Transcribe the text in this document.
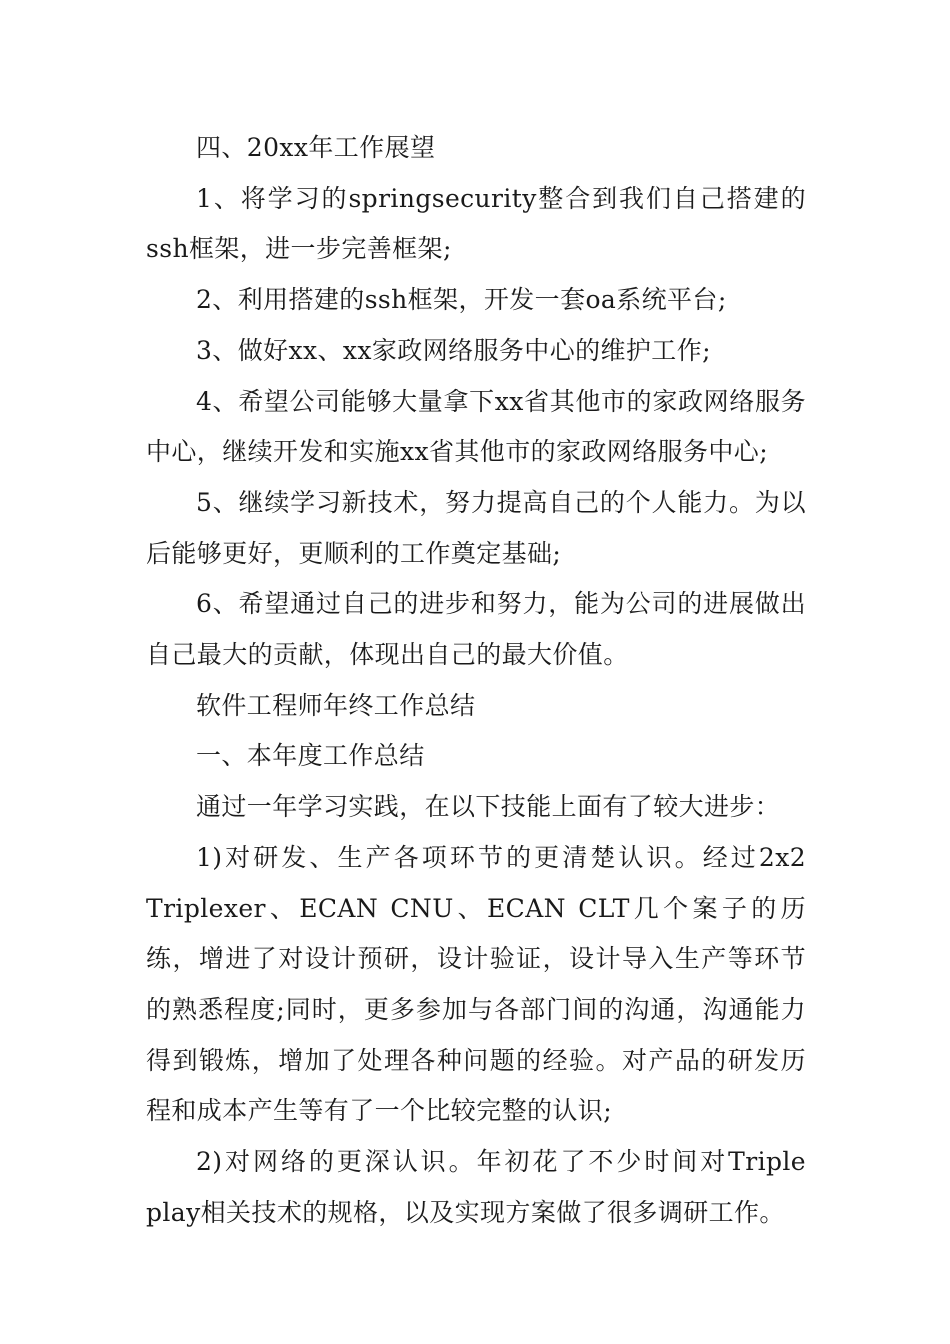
四、20xx年工作展望

1、将学习的springsecurity整合到我们自己搭建的ssh框架，进一步完善框架;

2、利用搭建的ssh框架，开发一套oa系统平台;

3、做好xx、xx家政网络服务中心的维护工作;

4、希望公司能够大量拿下xx省其他市的家政网络服务中心，继续开发和实施xx省其他市的家政网络服务中心;

5、继续学习新技术，努力提高自己的个人能力。为以后能够更好，更顺利的工作奠定基础;

6、希望通过自己的进步和努力，能为公司的进展做出自己最大的贡献，体现出自己的最大价值。

软件工程师年终工作总结

一、本年度工作总结

通过一年学习实践，在以下技能上面有了较大进步：

1)对研发、生产各项环节的更清楚认识。经过2x2 Triplexer、ECAN CNU、ECAN CLT几个案子的历练，增进了对设计预研，设计验证，设计导入生产等环节的熟悉程度;同时，更多参加与各部门间的沟通，沟通能力得到锻炼，增加了处理各种问题的经验。对产品的研发历程和成本产生等有了一个比较完整的认识;

2)对网络的更深认识。年初花了不少时间对Triple play相关技术的规格，以及实现方案做了很多调研工作。
